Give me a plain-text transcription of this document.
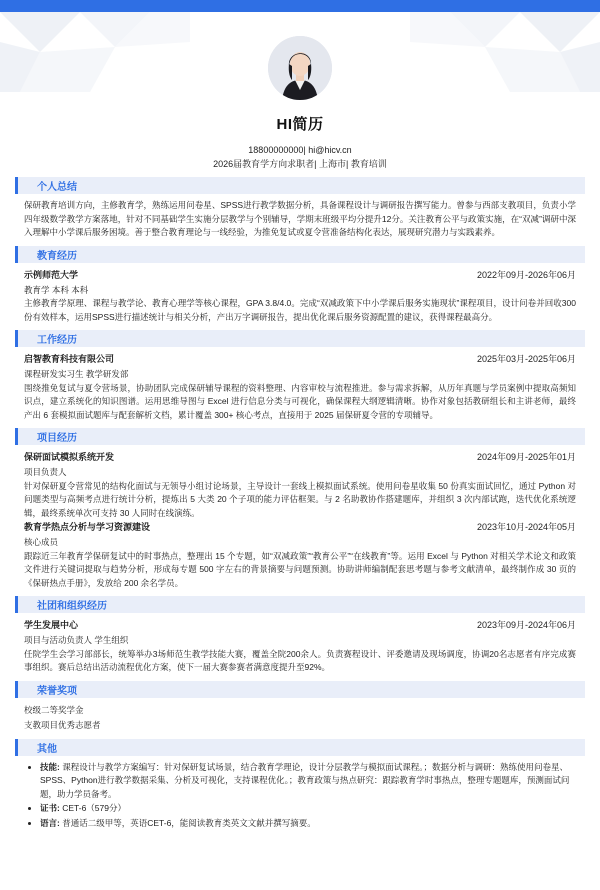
HI简历
18800000000| hi@hicv.cn
2026届教育学方向求职者| 上海市| 教育培训
个人总结

保研教育培训方向，主修教育学，熟练运用问卷星、SPSS进行教学数据分析，具备课程设计与调研报告撰写能力。曾参与西部支教项目，负责小学四年级数学教学方案落地，针对不同基础学生实施分层教学与个别辅导，学期末班级平均分提升12分。关注教育公平与政策实施，在“双减”调研中深入理解中小学课后服务困境。善于整合教育理论与一线经验，为推免复试或夏令营准备结构化表达，展现研究潜力与实践素养。

教育经历
示例师范大学	2022年09月-2026年06月
教育学 本科 本科

主修教育学原理、课程与教学论、教育心理学等核心课程，GPA 3.8/4.0。完成“双减政策下中小学课后服务实施现状”课程项目，设计问卷并回收300份有效样本，运用SPSS进行描述统计与相关分析，产出万字调研报告，提出优化课后服务资源配置的建议，获得课程最高分。

工作经历
启智教育科技有限公司	2025年03月-2025年06月
课程研发实习生 教学研发部

围绕推免复试与夏令营场景，协助团队完成保研辅导课程的资料整理、内容审校与流程推进。参与需求拆解，从历年真题与学员案例中提取高频知识点，建立系统化的知识图谱。运用思维导图与 Excel 进行信息分类与可视化，确保课程大纲逻辑清晰。协作对象包括教研组长和主讲老师，最终产出 6 套模拟面试题库与配套解析文档，累计覆盖 300+ 核心考点，直接用于 2025 届保研夏令营的专项辅导。

项目经历
保研面试模拟系统开发	2024年09月-2025年01月
项目负责人

针对保研夏令营常见的结构化面试与无领导小组讨论场景，主导设计一套线上模拟面试系统。使用问卷星收集 50 份真实面试回忆，通过 Python 对问题类型与高频考点进行统计分析，提炼出 5 大类 20 个子项的能力评估框架。与 2 名助教协作搭建题库，并组织 3 次内部试跑，迭代优化系统逻辑，最终系统单次可支持 30 人同时在线演练。

教育学热点分析与学习资源建设	2023年10月-2024年05月
核心成员

跟踪近三年教育学保研复试中的时事热点，整理出 15 个专题，如“双减政策”“教育公平”“在线教育”等。运用 Excel 与 Python 对相关学术论文和政策文件进行关键词提取与趋势分析，形成每专题 500 字左右的背景摘要与问题预测。协助讲师编制配套思考题与参考文献清单，最终制作成 30 页的《保研热点手册》，发放给 200 余名学员。

社团和组织经历
学生发展中心	2023年09月-2024年06月
项目与活动负责人 学生组织

任院学生会学习部部长，统筹举办3场师范生教学技能大赛，覆盖全院200余人。负责赛程设计、评委邀请及现场调度，协调20名志愿者有序完成赛事组织。赛后总结出活动流程优化方案，使下一届大赛参赛者满意度提升至92%。

荣誉奖项
校级二等奖学金
支教项目优秀志愿者
其他
• 技能: 课程设计与教学方案编写：针对保研复试场景，结合教育学理论，设计分层教学与模拟面试课程。；数据分析与调研：熟练使用问卷星、SPSS、Python进行教学数据采集、分析及可视化，支持课程优化。；教育政策与热点研究：跟踪教育学时事热点，整理专题题库，预测面试问题，助力学员备考。
• 证书: CET-6（579分）
• 语言: 普通话二级甲等，英语CET-6，能阅读教育类英文文献并撰写摘要。
